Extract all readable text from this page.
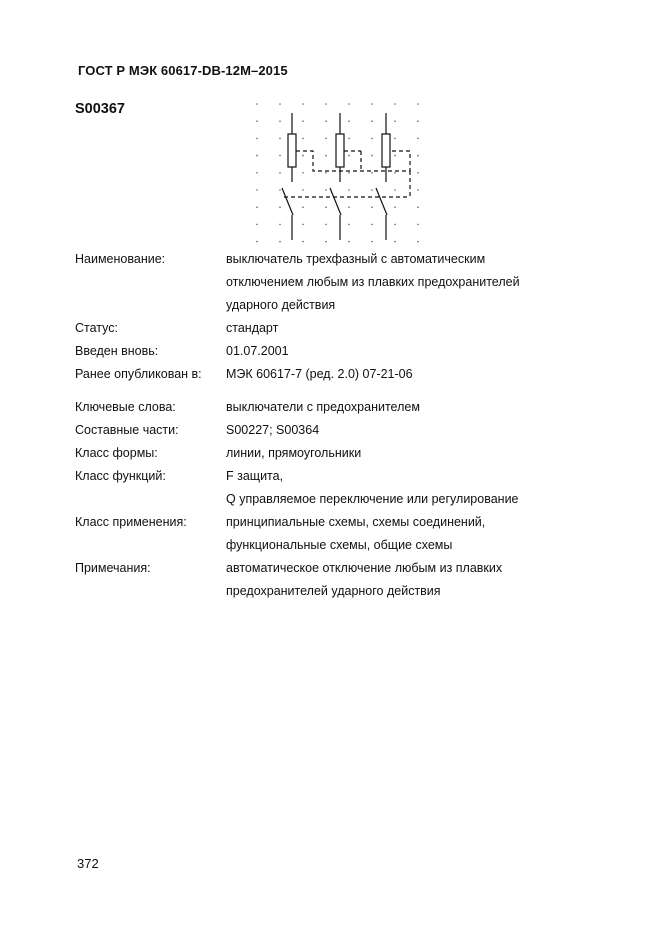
ГОСТ Р МЭК 60617-DB-12M–2015
S00367
Наименование:	выключатель трехфазный с автоматическим
отключением любым из плавких предохранителей
ударного действия
Статус:	стандарт
Введен вновь:	01.07.2001
Ранее опубликован в: МЭК 60617-7 (ред. 2.0) 07-21-06
Ключевые слова:	выключатели с предохранителем
Составные части:	S00227; S00364
Класс формы:	линии, прямоугольники
Класс функций:	F защита,
Q управляемое переключение или регулирование
Класс применения:	принципиальные схемы, схемы соединений,
функциональные схемы, общие схемы
Примечания:	автоматическое отключение любым из плавких
предохранителей ударного действия
372
